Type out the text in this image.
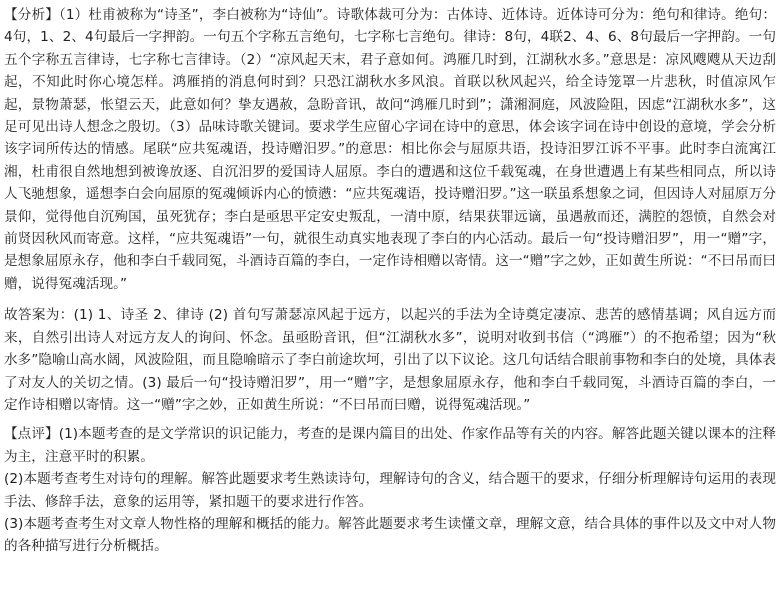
【分析】（1）杜甫被称为“诗圣”，李白被称为“诗仙”。诗歌体裁可分为：古体诗、近体诗。近体诗可分为：绝句和律诗。绝句：4句，1、2、4句最后一字押韵。一句五个字称五言绝句，七字称七言绝句。律诗：8句，4联2、4、6、8句最后一字押韵。一句五个字称五言律诗，七字称七言律诗。（2）“凉风起天末，君子意如何。鸿雁几时到，江湖秋水多。”意思是：凉风飕飕从天边刮起，不知此时你心境怎样。鸿雁捎的消息何时到？只恐江湖秋水多风浪。首联以秋风起兴，给全诗笼罩一片悲秋，时值凉风乍起，景物萧瑟，怅望云天，此意如何？挚友遇赦，急盼音讯，故问“鸿雁几时到”；潇湘洞庭，风波险阻，因虑“江湖秋水多”，这足可见出诗人想念之殷切。（3）品味诗歌关键词。要求学生应留心字词在诗中的意思，体会该字词在诗中创设的意境，学会分析该字词所传达的情感。尾联“应共冤魂语，投诗赠汨罗。”的意思：相比你会与屈原共语，投诗汨罗江诉不平事。此时李白流寓江湘，杜甫很自然地想到被谗放逐、自沉汨罗的爱国诗人屈原。李白的遭遇和这位千载冤魂，在身世遭遇上有某些相同点，所以诗人飞驰想象，遥想李白会向屈原的冤魂倾诉内心的愤懑：“应共冤魂语，投诗赠汨罗。”这一联虽系想象之词，但因诗人对屈原万分景仰，觉得他自沉殉国，虽死犹存；李白是亟思平定安史叛乱，一清中原，结果获罪远谪，虽遇赦而还，满腔的怨愤，自然会对前贤因秋风而寄意。这样，“应共冤魂语”一句，就很生动真实地表现了李白的内心活动。最后一句“投诗赠汨罗”，用一“赠”字，是想象屈原永存，他和李白千载同冤，斗酒诗百篇的李白，一定作诗相赠以寄情。这一“赠”字之妙，正如黄生所说：“不曰吊而曰赠，说得冤魂活现。”

故答案为：(1) 1、诗圣 2、律诗 (2) 首句写萧瑟凉风起于远方，以起兴的手法为全诗奠定凄凉、悲苦的感情基调；风自远方而来，自然引出诗人对远方友人的询问、怀念。虽亟盼音讯，但“江湖秋水多”，说明对收到书信（“鸿雁”）的不抱希望；因为“秋水多”隐喻山高水阔，风波险阻，而且隐喻暗示了李白前途坎坷，引出了以下议论。这几句话结合眼前事物和李白的处境，具体表了对友人的关切之情。(3) 最后一句“投诗赠汨罗”，用一“赠”字，是想象屈原永存，他和李白千载同冤，斗酒诗百篇的李白，一定作诗相赠以寄情。这一“赠”字之妙，正如黄生所说：“不曰吊而曰赠，说得冤魂活现。”

【点评】(1)本题考查的是文学常识的识记能力，考查的是课内篇目的出处、作家作品等有关的内容。解答此题关键以课本的注释为主，注意平时的积累。

(2)本题考查考生对诗句的理解。解答此题要求考生熟读诗句，理解诗句的含义，结合题干的要求，仔细分析理解诗句运用的表现手法、修辞手法，意象的运用等，紧扣题干的要求进行作答。

(3)本题考查考生对文章人物性格的理解和概括的能力。解答此题要求考生读懂文章，理解文意，结合具体的事件以及文中对人物的各种描写进行分析概括。
